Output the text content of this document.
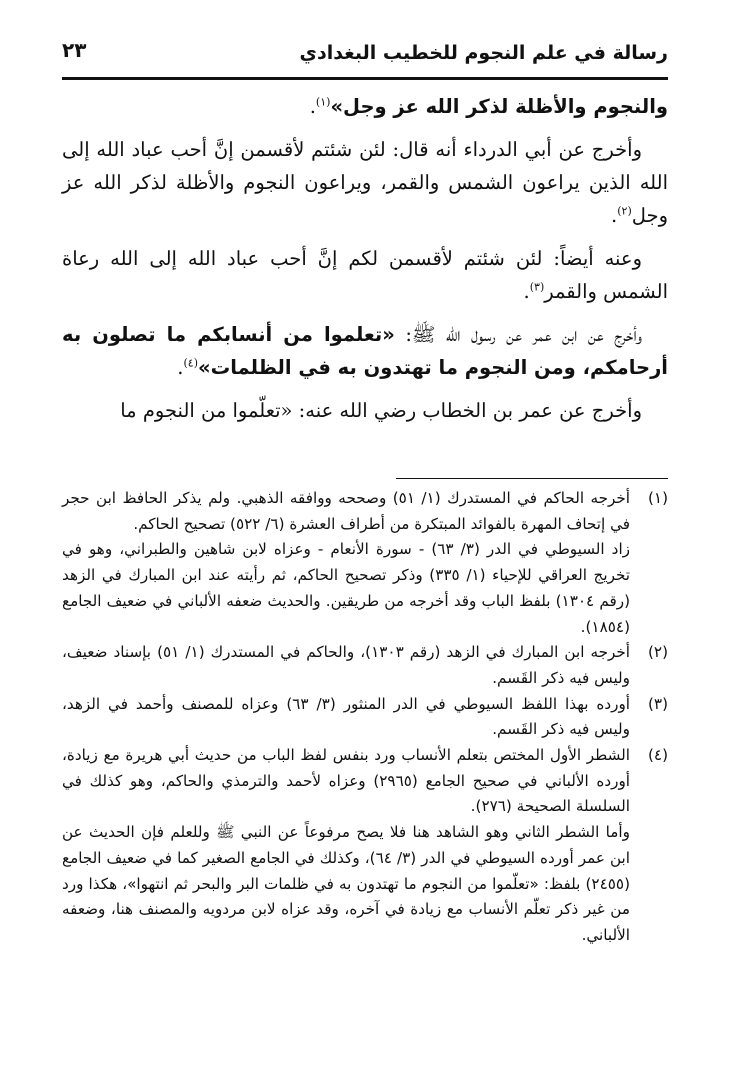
رسالة في علم النجوم للخطيب البغدادي
٢٣

والنجوم والأظلة لذكر الله عز وجل»$^{(١)}$.

وأخرج عن أبي الدرداء أنه قال: لئن شئتم لأقسمن إنَّ أحب عباد الله إلى الله الذين يراعون الشمس والقمر، ويراعون النجوم والأظلة لذكر الله عز وجل$^{(٢)}$.

وعنه أيضاً: لئن شئتم لأقسمن لكم إنَّ أحب عباد الله إلى الله رعاة الشمس والقمر$^{(٣)}$.

وأخرج عن ابن عمر عن رسول الله ﷺ: «تعلموا من أنسابكم ما تصلون به أرحامكم، ومن النجوم ما تهتدون به في الظلمات»$^{(٤)}$.

وأخرج عن عمر بن الخطاب رضي الله عنه: «تعلّموا من النجوم ما

(١)

أخرجه الحاكم في المستدرك (١/ ٥١) وصححه ووافقه الذهبي. ولم يذكر الحافظ ابن حجر في إتحاف المهرة بالفوائد المبتكرة من أطراف العشرة (٦/ ٥٢٢) تصحيح الحاكم.

زاد السيوطي في الدر (٣/ ٦٣) - سورة الأنعام - وعزاه لابن شاهين والطبراني، وهو في تخريج العراقي للإحياء (١/ ٣٣٥) وذكر تصحيح الحاكم، ثم رأيته عند ابن المبارك في الزهد (رقم ١٣٠٤) بلفظ الباب وقد أخرجه من طريقين. والحديث ضعفه الألباني في ضعيف الجامع (١٨٥٤).

(٢)

أخرجه ابن المبارك في الزهد (رقم ١٣٠٣)، والحاكم في المستدرك (١/ ٥١) بإسناد ضعيف، وليس فيه ذكر القَسم.

(٣)

أورده بهذا اللفظ السيوطي في الدر المنثور (٣/ ٦٣) وعزاه للمصنف وأحمد في الزهد، وليس فيه ذكر القَسم.

(٤)

الشطر الأول المختص بتعلم الأنساب ورد بنفس لفظ الباب من حديث أبي هريرة مع زيادة، أورده الألباني في صحيح الجامع (٢٩٦٥) وعزاه لأحمد والترمذي والحاكم، وهو كذلك في السلسلة الصحيحة (٢٧٦).

وأما الشطر الثاني وهو الشاهد هنا فلا يصح مرفوعاً عن النبي ﷺ وللعلم فإن الحديث عن ابن عمر أورده السيوطي في الدر (٣/ ٦٤)، وكذلك في الجامع الصغير كما في ضعيف الجامع (٢٤٥٥) بلفظ: «تعلّموا من النجوم ما تهتدون به في ظلمات البر والبحر ثم انتهوا»، هكذا ورد من غير ذكر تعلّم الأنساب مع زيادة في آخره، وقد عزاه لابن مردويه والمصنف هنا، وضعفه الألباني.
